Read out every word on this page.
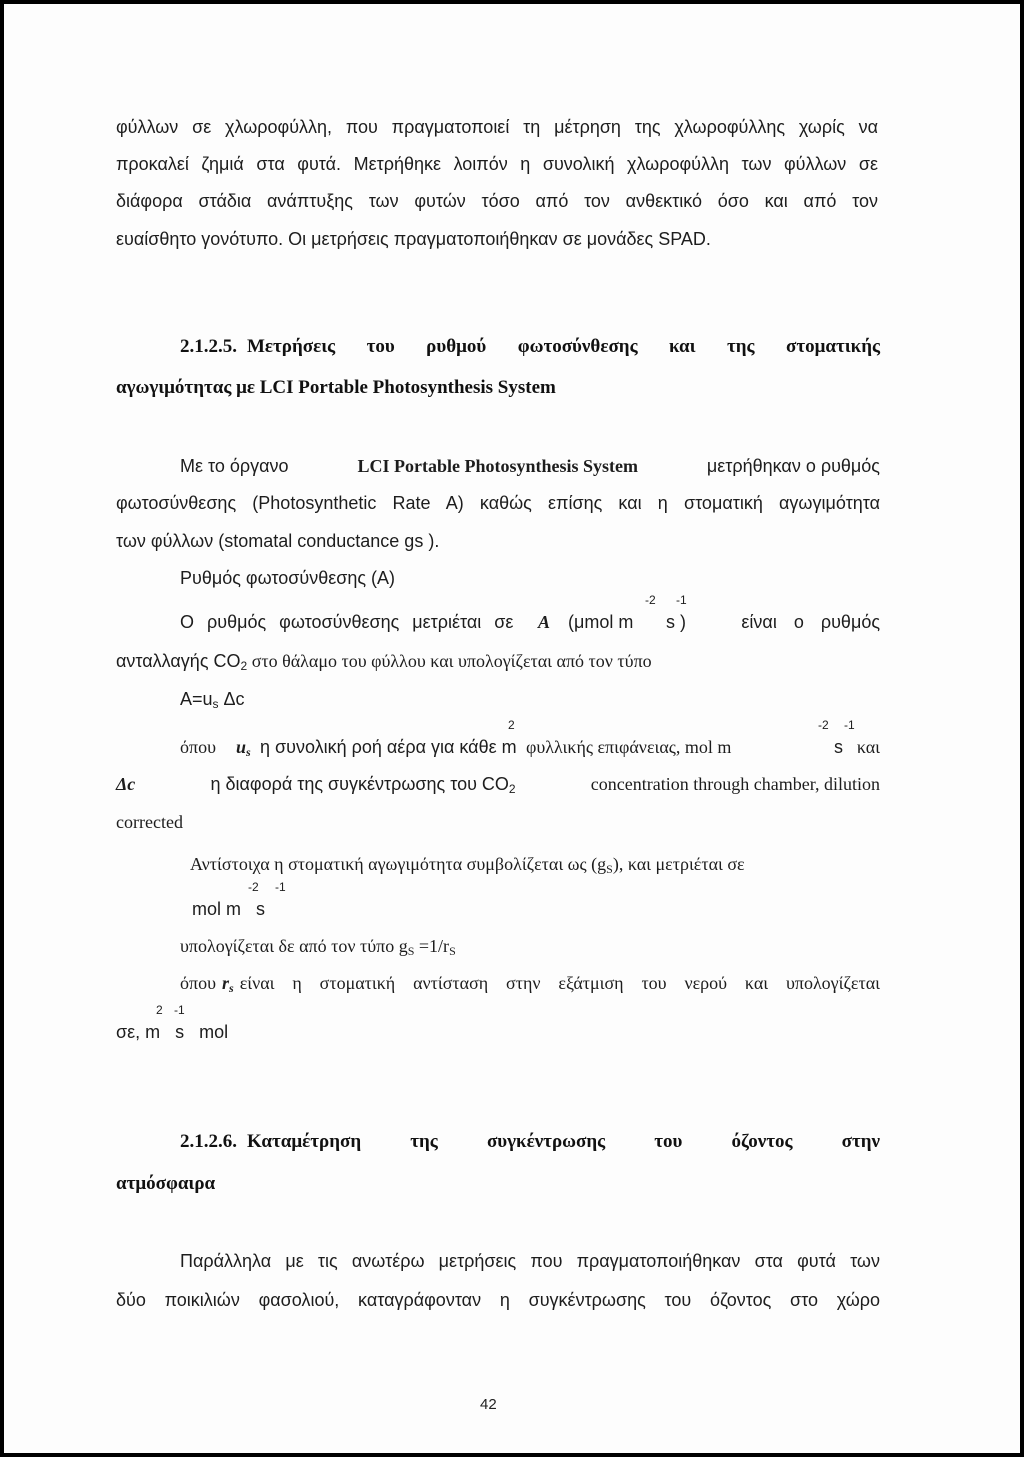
φύλλων σε χλωροφύλλη, που πραγματοποιεί τη μέτρηση της χλωροφύλλης χωρίς να
προκαλεί ζημιά στα φυτά. Μετρήθηκε λοιπόν η συνολική χλωροφύλλη των φύλλων σε
διάφορα στάδια ανάπτυξης των φυτών τόσο από τον ανθεκτικό όσο και από τον
ευαίσθητο γονότυπο. Οι μετρήσεις πραγματοποιήθηκαν σε μονάδες SPAD.
2.1.2.5. Μετρήσεις του ρυθμού φωτοσύνθεσης και της στοματικής
αγωγιμότητας με LCI Portable Photosynthesis System
Με το όργανο	LCI Portable Photosynthesis System	μετρήθηκαν ο ρυθμός
φωτοσύνθεσης (Photosynthetic Rate A) καθώς επίσης και η στοματική αγωγιμότητα
των φύλλων (stomatal conductance gs ).
Ρυθμός φωτοσύνθεσης (Α)
-2 -1
Ο ρυθμός φωτοσύνθεσης μετριέται σε A (μmol m s )	είναι ο ρυθμός
ανταλλαγής $CO_2$ στο θάλαμο του φύλλου και υπολογίζεται από τον τύπο
$A=u_s$ Δc
2	-2 -1
όπου $u_s$ η συνολική ροή αέρα για κάθε m φυλλικής επιφάνειας, mol m	s και
Δc	η διαφορά της συγκέντρωσης του $CO_2$	concentration through chamber, dilution
corrected
Αντίστοιχα η στοματική αγωγιμότητα συμβολίζεται ως $(g_S)$, και μετριέται σε
-2 -1
mol m   s
υπολογίζεται δε από τον τύπο $g_S =1/r_S$
όπου $r_s$ είναι η στοματική αντίσταση στην εξάτμιση του νερού και υπολογίζεται
2 -1
σε, m   s   mol
2.1.2.6. Καταμέτρηση της συγκέντρωσης του όζοντος στην
ατμόσφαιρα
Παράλληλα με τις ανωτέρω μετρήσεις που πραγματοποιήθηκαν στα φυτά των
δύο ποικιλιών φασολιού, καταγράφονταν η συγκέντρωσης του όζοντος στο χώρο
42
